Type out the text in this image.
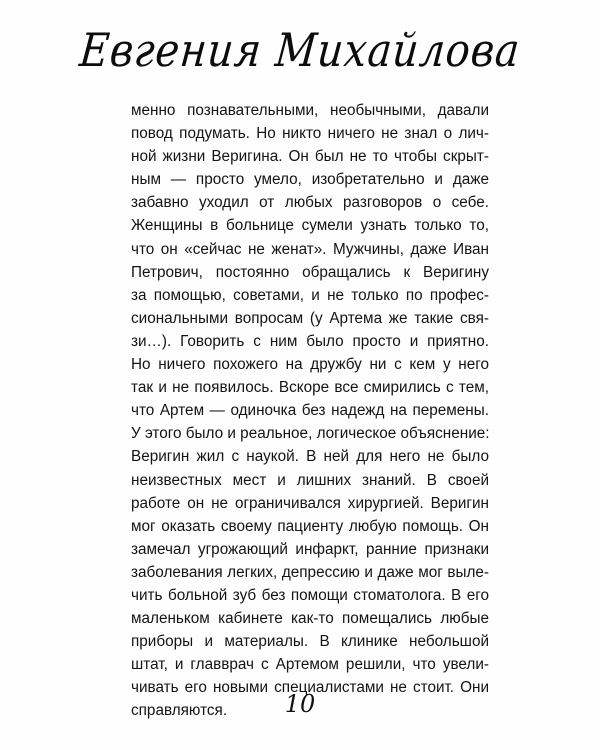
Евгения Михайлова
менно познавательными, необычными, давали
повод подумать. Но никто ничего не знал о лич-
ной жизни Веригина. Он был не то чтобы скрыт-
ным — просто умело, изобретательно и даже
забавно уходил от любых разговоров о себе.
Женщины в больнице сумели узнать только то,
что он «сейчас не женат». Мужчины, даже Иван
Петрович, постоянно обращались к Веригину
за помощью, советами, и не только по профес-
сиональными вопросам (у Артема же такие свя-
зи…). Говорить с ним было просто и приятно.
Но ничего похожего на дружбу ни с кем у него
так и не появилось. Вскоре все смирились с тем,
что Артем — одиночка без надежд на перемены.
У этого было и реальное, логическое объяснение:
Веригин жил с наукой. В ней для него не было
неизвестных мест и лишних знаний. В своей
работе он не ограничивался хирургией. Веригин
мог оказать своему пациенту любую помощь. Он
замечал угрожающий инфаркт, ранние признаки
заболевания легких, депрессию и даже мог выле-
чить больной зуб без помощи стоматолога. В его
маленьком кабинете как-то помещались любые
приборы и материалы. В клинике небольшой
штат, и главврач с Артемом решили, что увели-
чивать его новыми специалистами не стоит. Они
справляются.	10
